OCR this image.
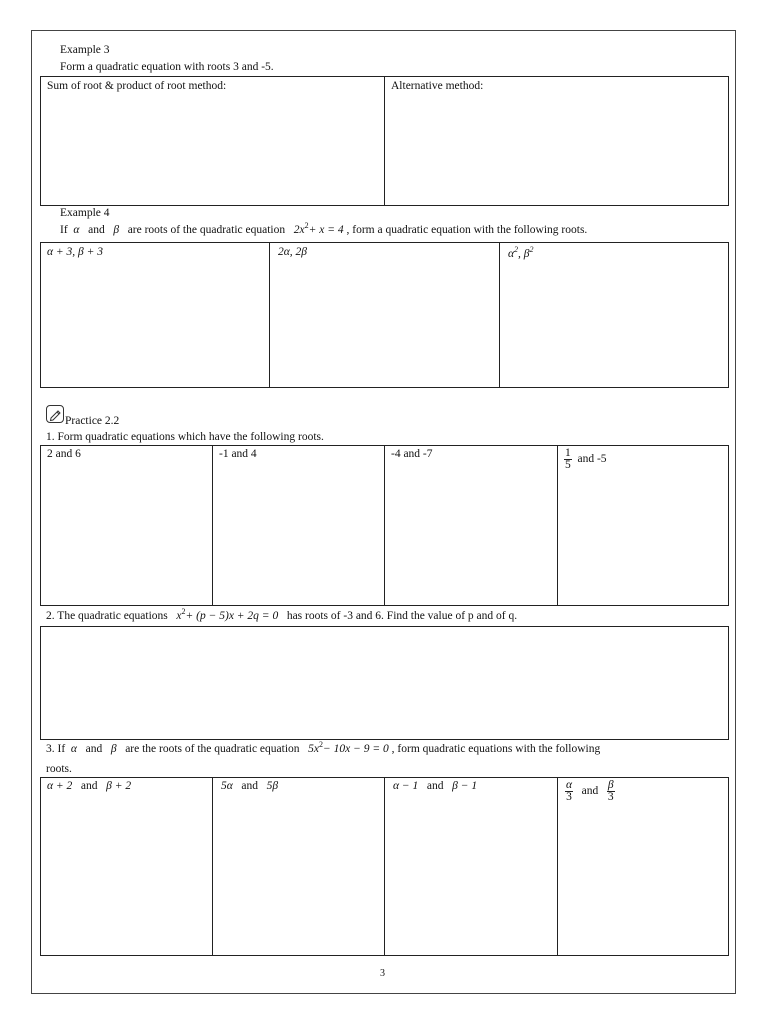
Example 3
Form a quadratic equation with roots 3 and -5.
Sum of root & product of root method:	Alternative method:
Example 4
If α and β are roots of the quadratic equation $2x^2+ x = 4$ , form a quadratic equation with the following roots.
α + 3, β + 3	2α, 2β	$\alpha^2$, $\beta^2$
Practice 2.2
1. Form quadratic equations which have the following roots.
2 and 6	-1 and 4	-4 and -7	$\frac{1}{5}$ and -5
2. The quadratic equations $x^2+ (p - 5)x + 2q = 0$ has roots of -3 and 6. Find the value of p and of q.
3. If α and β are the roots of the quadratic equation $5x^2- 10x - 9 = 0$ , form quadratic equations with the following
roots.
α + 2 and β + 2	5α and 5β	α − 1 and β − 1	$\frac{\alpha}{3}$ and $\frac{\beta}{3}$
3
